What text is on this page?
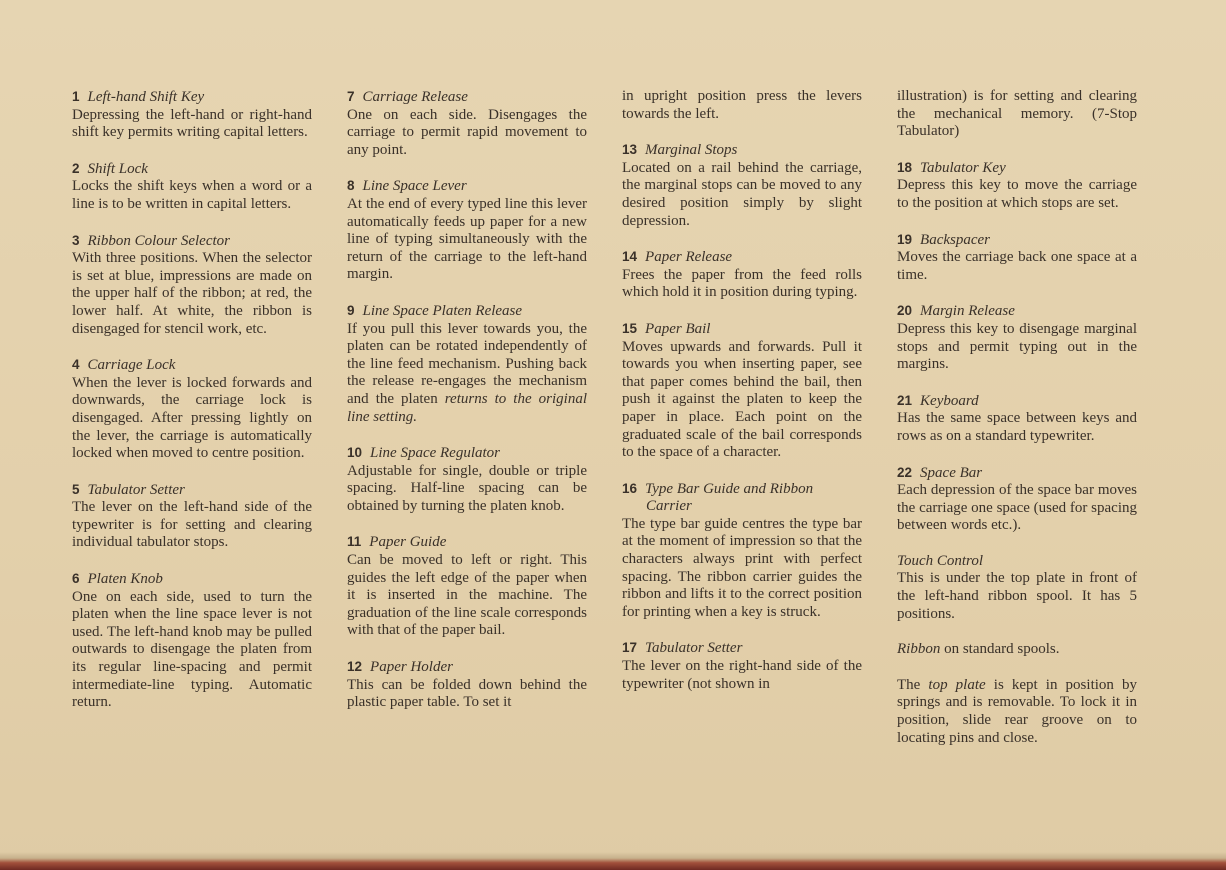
1 Left-hand Shift Key
Depressing the left-hand or right-hand shift key permits writing capital letters.
2 Shift Lock
Locks the shift keys when a word or a line is to be written in capital letters.
3 Ribbon Colour Selector
With three positions. When the selector is set at blue, impressions are made on the upper half of the ribbon; at red, the lower half. At white, the ribbon is disengaged for stencil work, etc.
4 Carriage Lock
When the lever is locked forwards and downwards, the carriage lock is disengaged. After pressing lightly on the lever, the carriage is automatically locked when moved to centre position.
5 Tabulator Setter
The lever on the left-hand side of the typewriter is for setting and clearing individual tabulator stops.
6 Platen Knob
One on each side, used to turn the platen when the line space lever is not used. The left-hand knob may be pulled outwards to disengage the platen from its regular line-spacing and permit intermediate-line typing. Automatic return.
7 Carriage Release
One on each side. Disengages the carriage to permit rapid movement to any point.
8 Line Space Lever
At the end of every typed line this lever automatically feeds up paper for a new line of typing simultaneously with the return of the carriage to the left-hand margin.
9 Line Space Platen Release
If you pull this lever towards you, the platen can be rotated independently of the line feed mechanism. Pushing back the release re-engages the mechanism and the platen returns to the original line setting.
10 Line Space Regulator
Adjustable for single, double or triple spacing. Half-line spacing can be obtained by turning the platen knob.
11 Paper Guide
Can be moved to left or right. This guides the left edge of the paper when it is inserted in the machine. The graduation of the line scale corresponds with that of the paper bail.
12 Paper Holder
This can be folded down behind the plastic paper table. To set it
in upright position press the levers towards the left.
13 Marginal Stops
Located on a rail behind the carriage, the marginal stops can be moved to any desired position simply by slight depression.
14 Paper Release
Frees the paper from the feed rolls which hold it in position during typing.
15 Paper Bail
Moves upwards and forwards. Pull it towards you when inserting paper, see that paper comes behind the bail, then push it against the platen to keep the paper in place. Each point on the graduated scale of the bail corresponds to the space of a character.
16 Type Bar Guide and Ribbon Carrier
The type bar guide centres the type bar at the moment of impression so that the characters always print with perfect spacing. The ribbon carrier guides the ribbon and lifts it to the correct position for printing when a key is struck.
17 Tabulator Setter
The lever on the right-hand side of the typewriter (not shown in
illustration) is for setting and clearing the mechanical memory. (7-Stop Tabulator)
18 Tabulator Key
Depress this key to move the carriage to the position at which stops are set.
19 Backspacer
Moves the carriage back one space at a time.
20 Margin Release
Depress this key to disengage marginal stops and permit typing out in the margins.
21 Keyboard
Has the same space between keys and rows as on a standard typewriter.
22 Space Bar
Each depression of the space bar moves the carriage one space (used for spacing between words etc.).
Touch Control
This is under the top plate in front of the left-hand ribbon spool. It has 5 positions.
Ribbon on standard spools.
The top plate is kept in position by springs and is removable. To lock it in position, slide rear groove on to locating pins and close.
